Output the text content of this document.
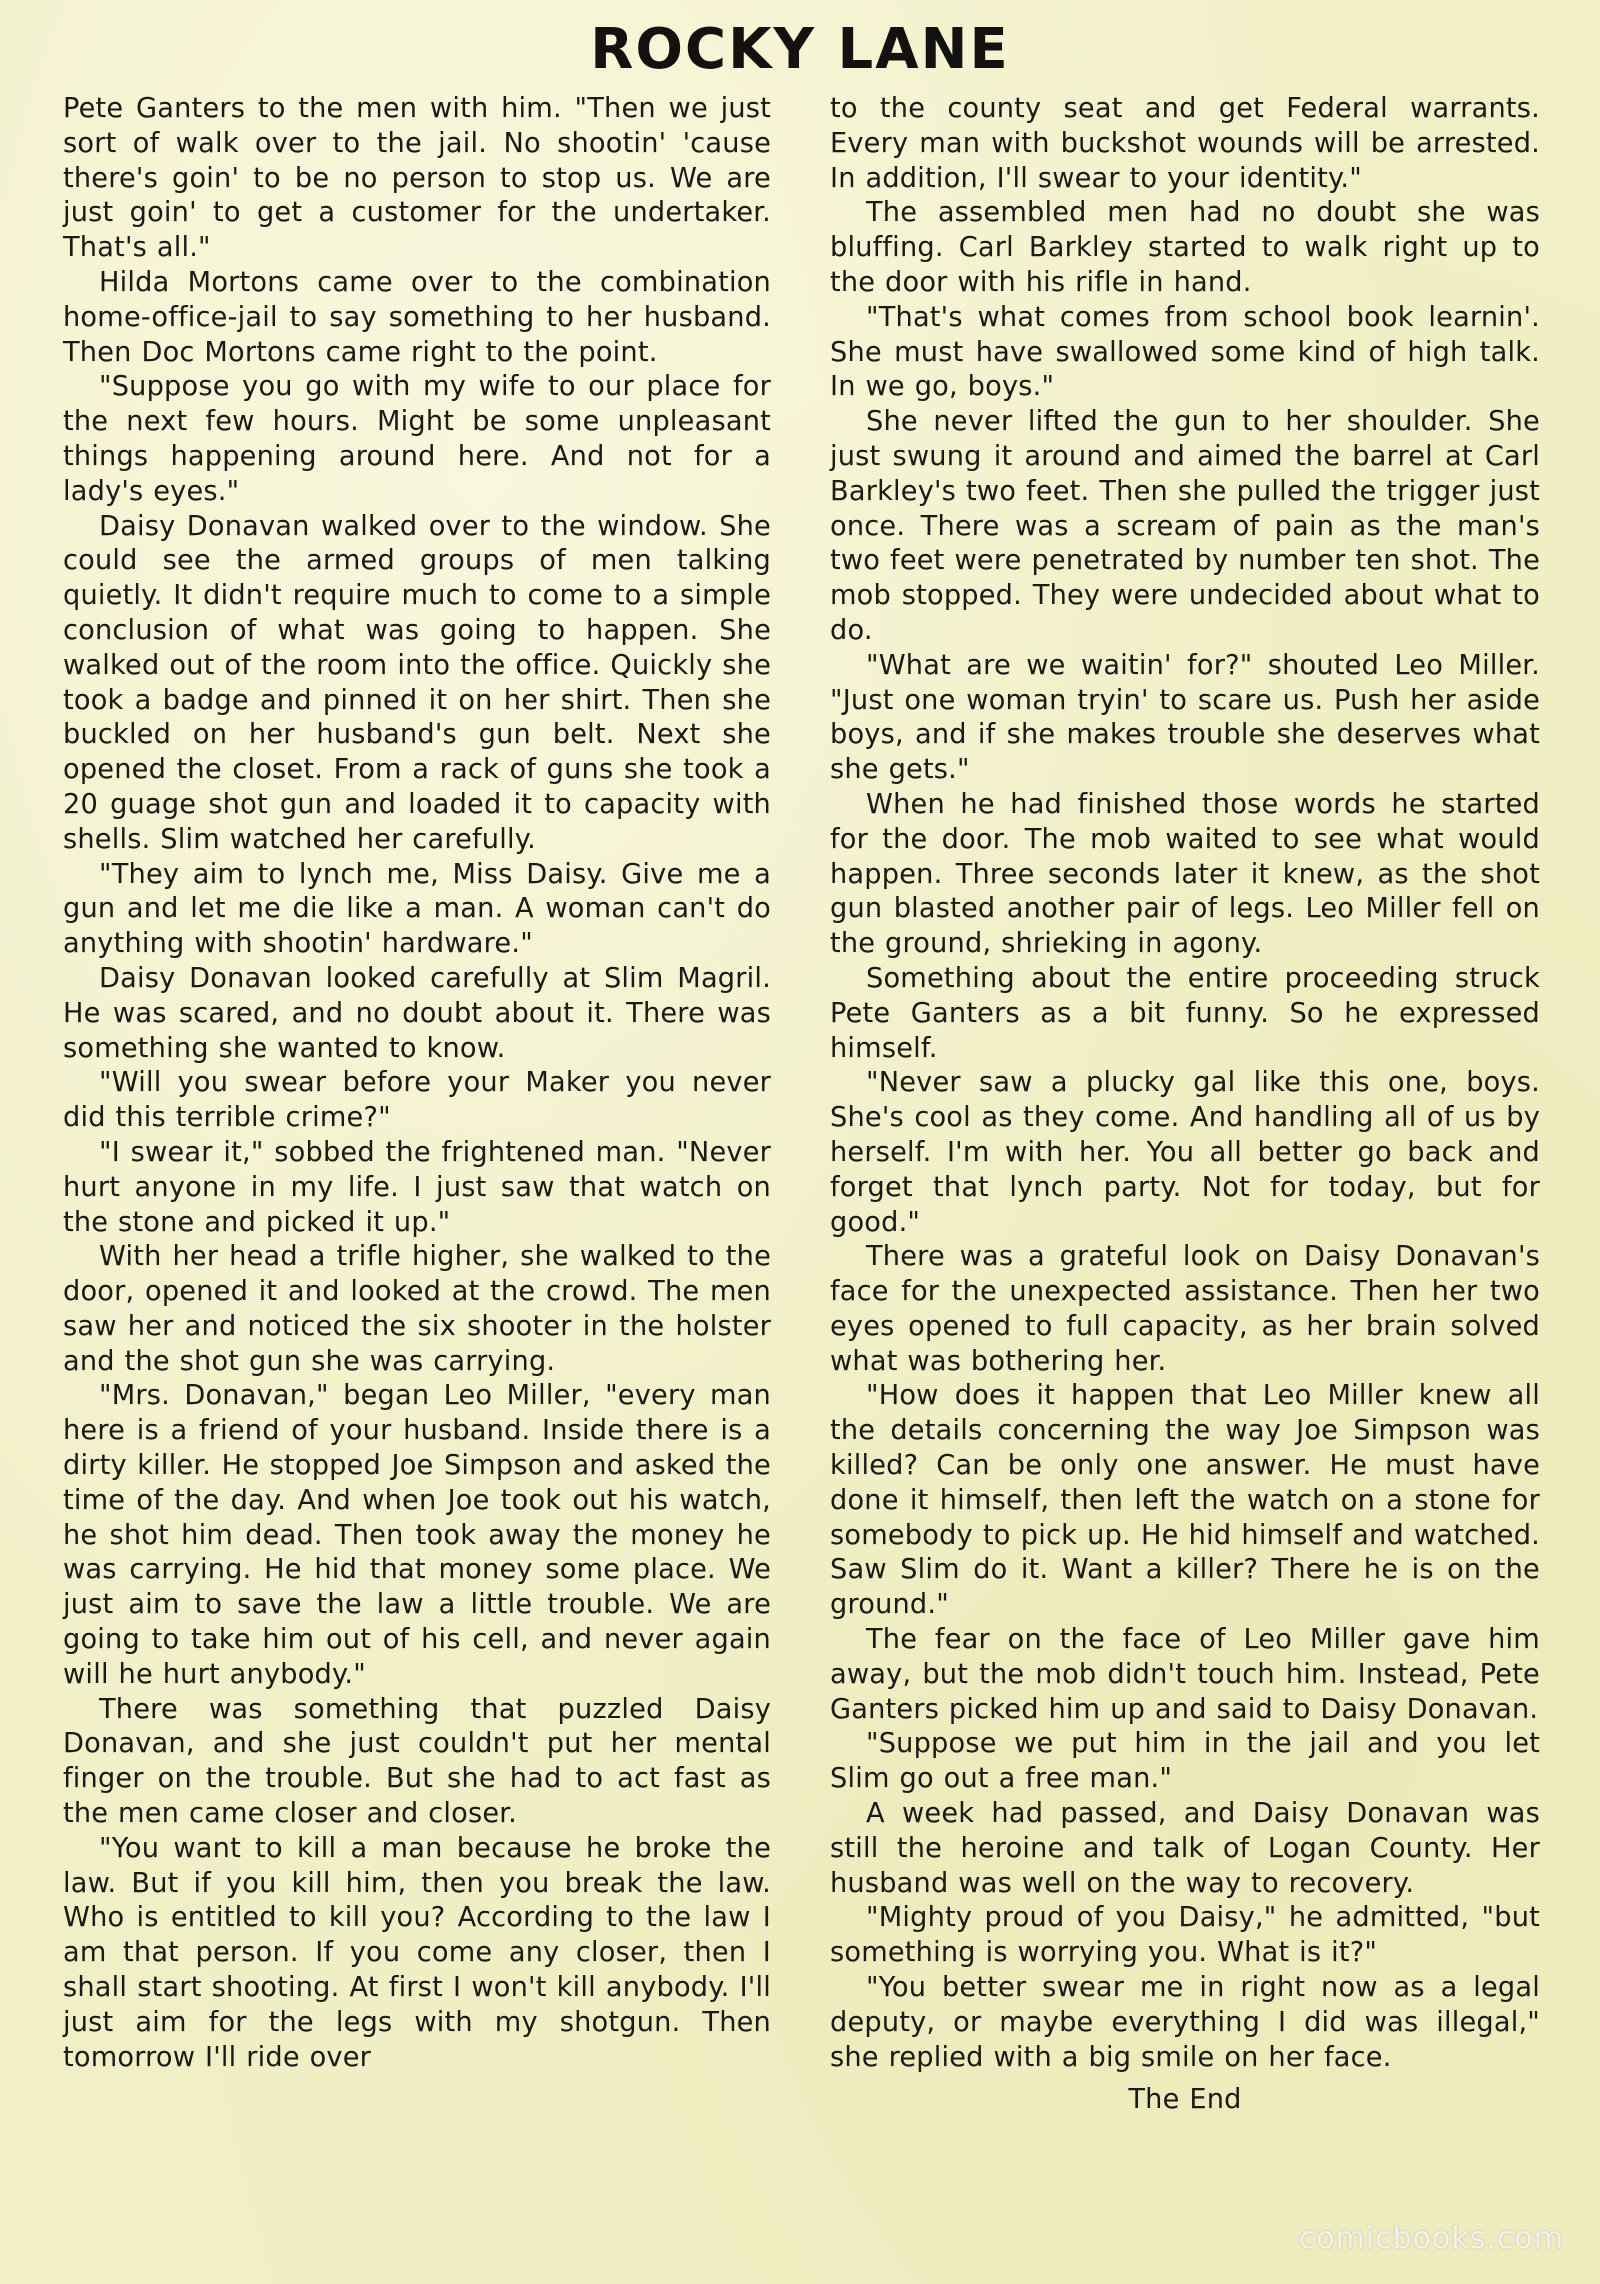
ROCKY LANE

Pete Ganters to the men with him. "Then we just sort of walk over to the jail. No shootin' 'cause there's goin' to be no person to stop us. We are just goin' to get a customer for the undertaker. That's all."

Hilda Mortons came over to the combination home-office-jail to say something to her husband. Then Doc Mortons came right to the point.

"Suppose you go with my wife to our place for the next few hours. Might be some unpleasant things happening around here. And not for a lady's eyes."

Daisy Donavan walked over to the window. She could see the armed groups of men talking quietly. It didn't require much to come to a simple conclusion of what was going to happen. She walked out of the room into the office. Quickly she took a badge and pinned it on her shirt. Then she buckled on her husband's gun belt. Next she opened the closet. From a rack of guns she took a 20 guage shot gun and loaded it to capacity with shells. Slim watched her carefully.

"They aim to lynch me, Miss Daisy. Give me a gun and let me die like a man. A woman can't do anything with shootin' hardware."

Daisy Donavan looked carefully at Slim Magril. He was scared, and no doubt about it. There was something she wanted to know.

"Will you swear before your Maker you never did this terrible crime?"

"I swear it," sobbed the frightened man. "Never hurt anyone in my life. I just saw that watch on the stone and picked it up."

With her head a trifle higher, she walked to the door, opened it and looked at the crowd. The men saw her and noticed the six shooter in the holster and the shot gun she was carrying.

"Mrs. Donavan," began Leo Miller, "every man here is a friend of your husband. Inside there is a dirty killer. He stopped Joe Simpson and asked the time of the day. And when Joe took out his watch, he shot him dead. Then took away the money he was carrying. He hid that money some place. We just aim to save the law a little trouble. We are going to take him out of his cell, and never again will he hurt anybody."

There was something that puzzled Daisy Donavan, and she just couldn't put her mental finger on the trouble. But she had to act fast as the men came closer and closer.

"You want to kill a man because he broke the law. But if you kill him, then you break the law. Who is entitled to kill you? According to the law I am that person. If you come any closer, then I shall start shooting. At first I won't kill anybody. I'll just aim for the legs with my shotgun. Then tomorrow I'll ride over

to the county seat and get Federal warrants. Every man with buckshot wounds will be arrested. In addition, I'll swear to your identity."

The assembled men had no doubt she was bluffing. Carl Barkley started to walk right up to the door with his rifle in hand.

"That's what comes from school book learnin'. She must have swallowed some kind of high talk. In we go, boys."

She never lifted the gun to her shoulder. She just swung it around and aimed the barrel at Carl Barkley's two feet. Then she pulled the trigger just once. There was a scream of pain as the man's two feet were penetrated by number ten shot. The mob stopped. They were undecided about what to do.

"What are we waitin' for?" shouted Leo Miller. "Just one woman tryin' to scare us. Push her aside boys, and if she makes trouble she deserves what she gets."

When he had finished those words he started for the door. The mob waited to see what would happen. Three seconds later it knew, as the shot gun blasted another pair of legs. Leo Miller fell on the ground, shrieking in agony.

Something about the entire proceeding struck Pete Ganters as a bit funny. So he expressed himself.

"Never saw a plucky gal like this one, boys. She's cool as they come. And handling all of us by herself. I'm with her. You all better go back and forget that lynch party. Not for today, but for good."

There was a grateful look on Daisy Donavan's face for the unexpected assistance. Then her two eyes opened to full capacity, as her brain solved what was bothering her.

"How does it happen that Leo Miller knew all the details concerning the way Joe Simpson was killed? Can be only one answer. He must have done it himself, then left the watch on a stone for somebody to pick up. He hid himself and watched. Saw Slim do it. Want a killer? There he is on the ground."

The fear on the face of Leo Miller gave him away, but the mob didn't touch him. Instead, Pete Ganters picked him up and said to Daisy Donavan.

"Suppose we put him in the jail and you let Slim go out a free man."

A week had passed, and Daisy Donavan was still the heroine and talk of Logan County. Her husband was well on the way to recovery.

"Mighty proud of you Daisy," he admitted, "but something is worrying you. What is it?"

"You better swear me in right now as a legal deputy, or maybe everything I did was illegal," she replied with a big smile on her face.

The End

comicbooks.com
